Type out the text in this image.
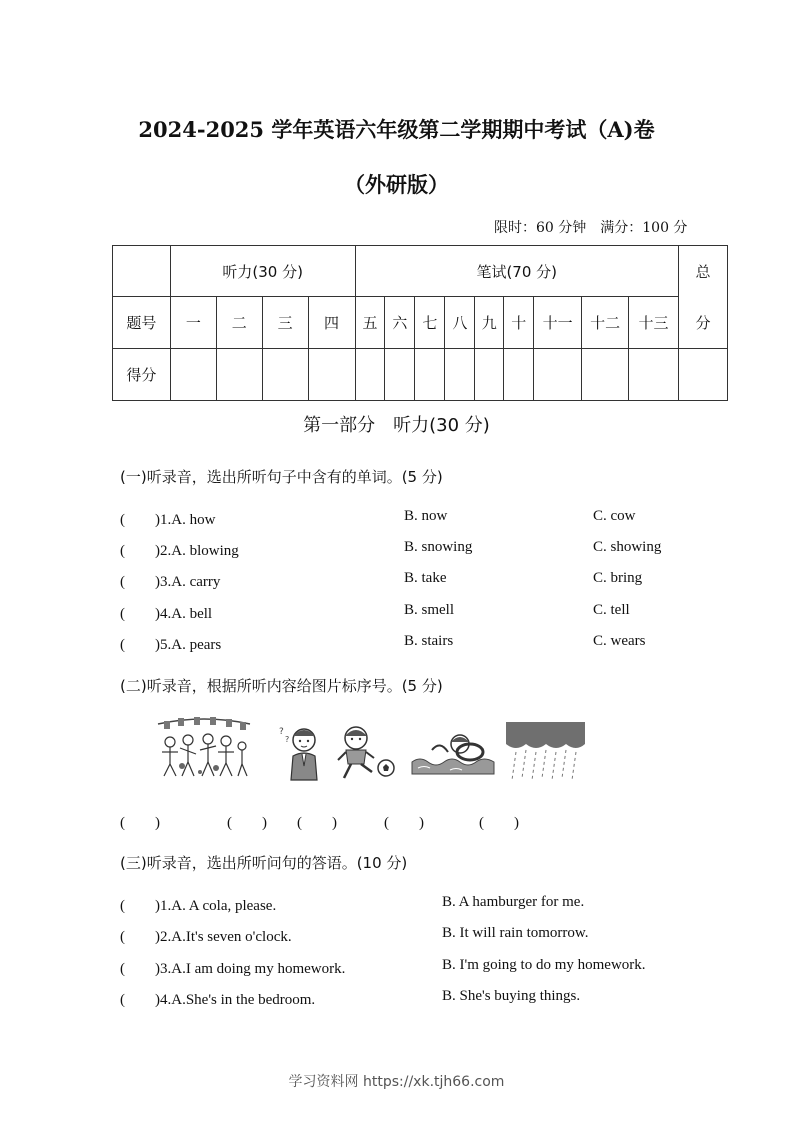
2024-2025 学年英语六年级第二学期期中考试（A)卷
（外研版）
限时：60 分钟　满分：100 分
	听力(30 分)				笔试(70 分)									总
分

题号	一	二	三	四	五	六	七	八	九	十	十一	十二	十三	
得分														
第一部分　听力(30 分)
(一)听录音，选出所听句子中含有的单词。(5 分)
(　　)1.A. how	B. now	C. cow
(　　)2.A. blowing	B. snowing	C. showing
(　　)3.A. carry	B. take	C. bring
(　　)4.A. bell	B. smell	C. tell
(　　)5.A. pears	B. stairs	C. wears
(二)听录音，根据所听内容给图片标序号。(5 分)
?
?
(　　)	(　　) (　　)	(　　)	(　　)
(三)听录音，选出所听问句的答语。(10 分)
(　　)1.A. A cola, please.	B. A hamburger for me.
(　　)2.A.It's seven o'clock.	B. It will rain tomorrow.
(　　)3.A.I am doing my homework.	B. I'm going to do my homework.
(　　)4.A.She's in the bedroom.	B. She's buying things.
学习资料网 https://xk.tjh66.com
